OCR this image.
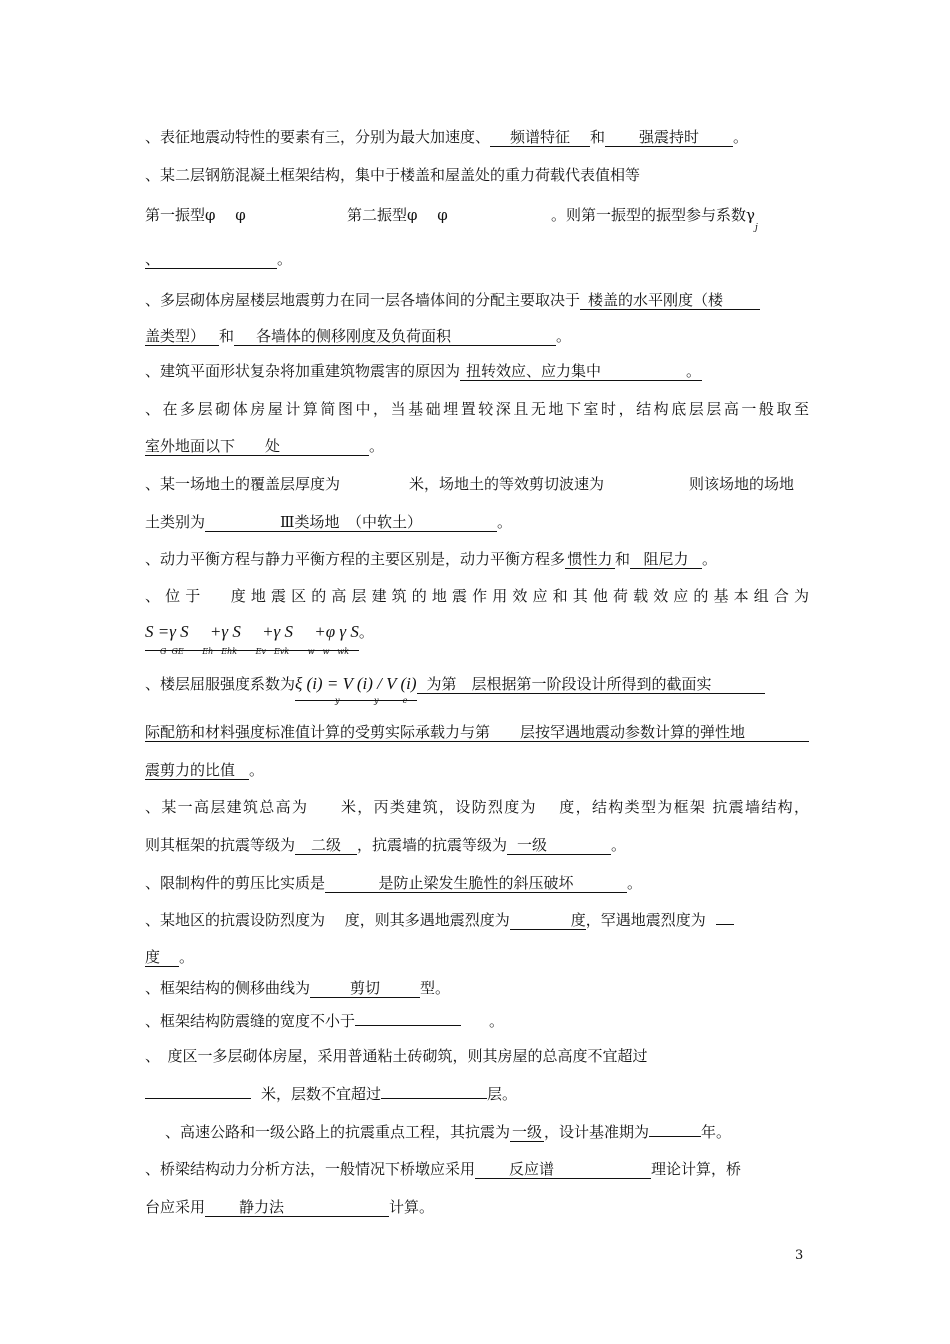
、表征地震动特性的要素有三，分别为最大加速度、 频谱特征 和 强震持时 。
、某二层钢筋混凝土框架结构，集中于楼盖和屋盖处的重力荷载代表值相等
第一振型φ　 φ	第二振型φ　 φ	。则第一振型的振型参与系数$\gamma_j$
、	。
、多层砌体房屋楼层地震剪力在同一层各墙体间的分配主要取决于 楼盖的水平刚度（楼
盖类型） 和 各墙体的侧移刚度及负荷面积	。
、建筑平面形状复杂将加重建筑物震害的原因为 扭转效应、应力集中	。
、在多层砌体房屋计算简图中，当基础埋置较深且无地下室时，结构底层层高一般取至
室外地面以下 处	。
、某一场地土的覆盖层厚度为	米，场地土的等效剪切波速为	则该场地的场地
土类别为	Ⅲ类场地　（中软土）	。
、动力平衡方程与静力平衡方程的主要区别是，动力平衡方程多 惯性力 和 阻尼力 。
、 位 于　　度 地 震 区 的 高 层 建 筑 的 地 震 作 用 效 应 和 其 他 荷 载 效 应 的 基 本 组 合 为
S =γ S　 +γ S　 +γ S　 +φ γ S。
G  GE　　 Eh　Ehk　　 Ev　Evk　　 w　w　wk
、楼层屈服强度系数为ξ (i) = V (i) / V (i) 为第　层根据第一阶段设计所得到的截面实
y　　　　 y　　　e
际配筋和材料强度标准值计算的受剪实际承载力与第　　层按罕遇地震动参数计算的弹性地
震剪力的比值 。
、某一高层建筑总高为　　米，丙类建筑，设防烈度为　 度，结构类型为框架 抗震墙结构，
则其框架的抗震等级为 二级 ，抗震墙的抗震等级为 一级	。
、限制构件的剪压比实质是	是防止梁发生脆性的斜压破坏	。
、某地区的抗震设防烈度为　 度，则其多遇地震烈度为	度，罕遇地震烈度为
度 。
、框架结构的侧移曲线为	剪切	型。
、框架结构防震缝的宽度不小于	。
、　度区一多层砌体房屋，采用普通粘土砖砌筑，则其房屋的总高度不宜超过
米，层数不宜超过	层。
、高速公路和一级公路上的抗震重点工程，其抗震为 一级 ，设计基准期为	年。
、桥梁结构动力分析方法，一般情况下桥墩应采用 反应谱	理论计算，桥
台应采用 静力法	计算。
3
